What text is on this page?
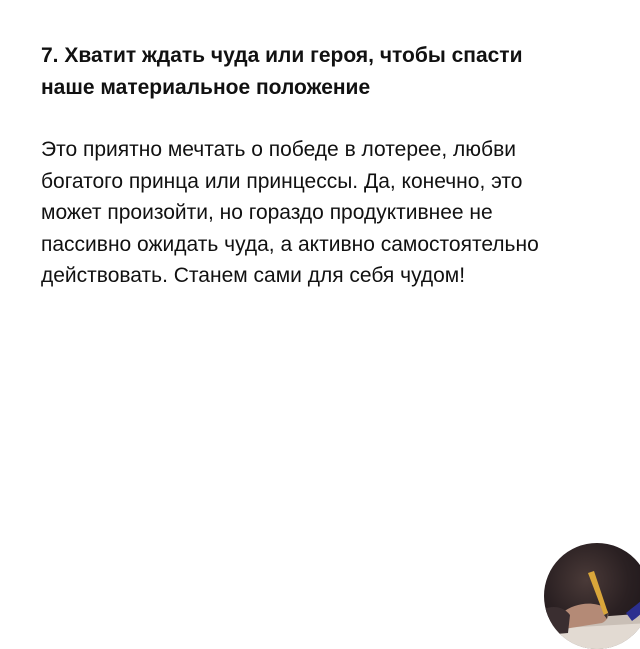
7. Хватит ждать чуда или героя, чтобы спасти
наше материальное положение

Это приятно мечтать о победе в лотерее, любви
богатого принца или принцессы. Да, конечно, это
может произойти, но гораздо продуктивнее не
пассивно ожидать чуда, а активно самостоятельно
действовать. Станем сами для себя чудом!
